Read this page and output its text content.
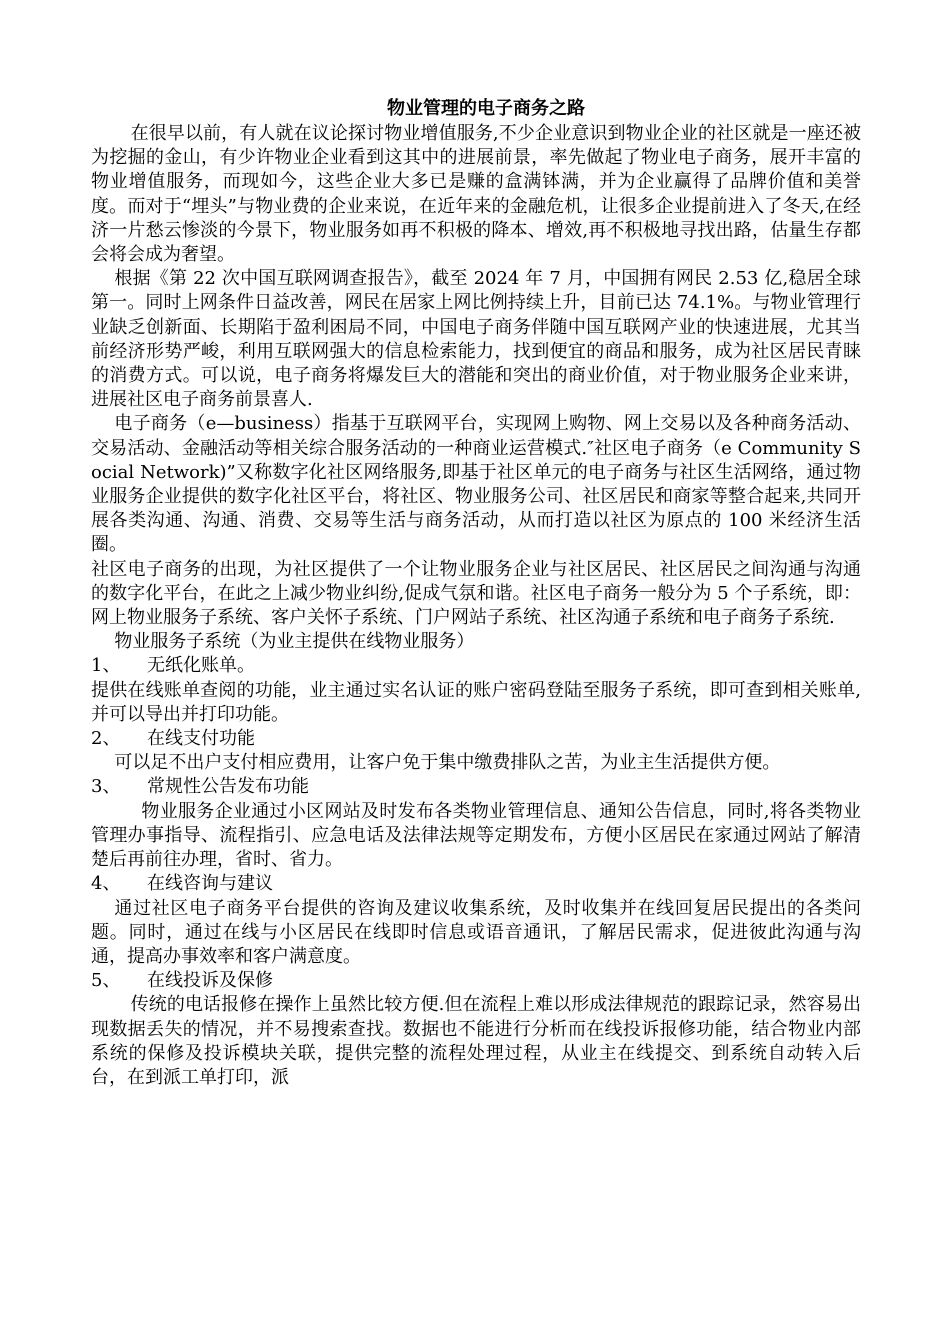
物业管理的电子商务之路

在很早以前，有人就在议论探讨物业增值服务,不少企业意识到物业企业的社区就是一座还被为挖掘的金山，有少许物业企业看到这其中的进展前景，率先做起了物业电子商务，展开丰富的物业增值服务，而现如今，这些企业大多已是赚的盒满钵满，并为企业赢得了品牌价值和美誉度。而对于“埋头”与物业费的企业来说，在近年来的金融危机，让很多企业提前进入了冬天,在经济一片愁云惨淡的今景下，物业服务如再不积极的降本、增效,再不积极地寻找出路，估量生存都会将会成为奢望。

根据《第 22 次中国互联网调查报告》，截至 2024 年 7 月，中国拥有网民 2.53 亿,稳居全球第一。同时上网条件日益改善，网民在居家上网比例持续上升，目前已达 74.1%。与物业管理行业缺乏创新面、长期陷于盈利困局不同，中国电子商务伴随中国互联网产业的快速进展，尤其当前经济形势严峻，利用互联网强大的信息检索能力，找到便宜的商品和服务，成为社区居民青睐的消费方式。可以说，电子商务将爆发巨大的潜能和突出的商业价值，对于物业服务企业来讲，进展社区电子商务前景喜人.

电子商务（e—business）指基于互联网平台，实现网上购物、网上交易以及各种商务活动、交易活动、金融活动等相关综合服务活动的一种商业运营模式.″社区电子商务（e Community Social Network)”又称数字化社区网络服务,即基于社区单元的电子商务与社区生活网络，通过物业服务企业提供的数字化社区平台，将社区、物业服务公司、社区居民和商家等整合起来,共同开展各类沟通、沟通、消费、交易等生活与商务活动，从而打造以社区为原点的 100 米经济生活圈。

社区电子商务的出现，为社区提供了一个让物业服务企业与社区居民、社区居民之间沟通与沟通的数字化平台，在此之上减少物业纠纷,促成气氛和谐。社区电子商务一般分为 5 个子系统，即：网上物业服务子系统、客户关怀子系统、门户网站子系统、社区沟通子系统和电子商务子系统.

物业服务子系统（为业主提供在线物业服务）

1、 无纸化账单。

提供在线账单查阅的功能，业主通过实名认证的账户密码登陆至服务子系统，即可查到相关账单,并可以导出并打印功能。

2、 在线支付功能

可以足不出户支付相应费用，让客户免于集中缴费排队之苦，为业主生活提供方便。

3、 常规性公告发布功能

物业服务企业通过小区网站及时发布各类物业管理信息、通知公告信息，同时,将各类物业管理办事指导、流程指引、应急电话及法律法规等定期发布，方便小区居民在家通过网站了解清楚后再前往办理，省时、省力。

4、 在线咨询与建议

通过社区电子商务平台提供的咨询及建议收集系统，及时收集并在线回复居民提出的各类问题。同时，通过在线与小区居民在线即时信息或语音通讯，了解居民需求，促进彼此沟通与沟通，提高办事效率和客户满意度。

5、 在线投诉及保修

传统的电话报修在操作上虽然比较方便.但在流程上难以形成法律规范的跟踪记录，然容易出现数据丢失的情况，并不易搜索查找。数据也不能进行分析而在线投诉报修功能，结合物业内部系统的保修及投诉模块关联，提供完整的流程处理过程，从业主在线提交、到系统自动转入后台，在到派工单打印，派
